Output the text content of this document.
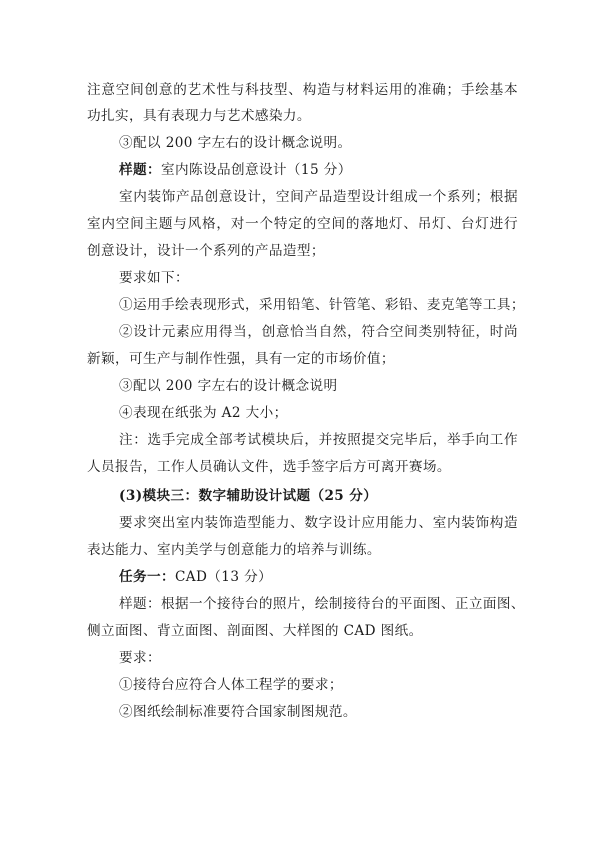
注意空间创意的艺术性与科技型、构造与材料运用的准确；手绘基本
功扎实，具有表现力与艺术感染力。
③配以 200 字左右的设计概念说明。
样题：室内陈设品创意设计（15 分）
室内装饰产品创意设计，空间产品造型设计组成一个系列；根据
室内空间主题与风格，对一个特定的空间的落地灯、吊灯、台灯进行
创意设计，设计一个系列的产品造型；
要求如下：
①运用手绘表现形式，采用铅笔、针管笔、彩铅、麦克笔等工具；
②设计元素应用得当，创意恰当自然，符合空间类别特征，时尚
新颖，可生产与制作性强，具有一定的市场价值；
③配以 200 字左右的设计概念说明
④表现在纸张为 A2 大小；
注：选手完成全部考试模块后，并按照提交完毕后，举手向工作
人员报告，工作人员确认文件，选手签字后方可离开赛场。
(3)模块三：数字辅助设计试题（25 分）
要求突出室内装饰造型能力、数字设计应用能力、室内装饰构造
表达能力、室内美学与创意能力的培养与训练。
任务一：CAD（13 分）
样题：根据一个接待台的照片，绘制接待台的平面图、正立面图、
侧立面图、背立面图、剖面图、大样图的 CAD 图纸。
要求：
①接待台应符合人体工程学的要求；
②图纸绘制标准要符合国家制图规范。
